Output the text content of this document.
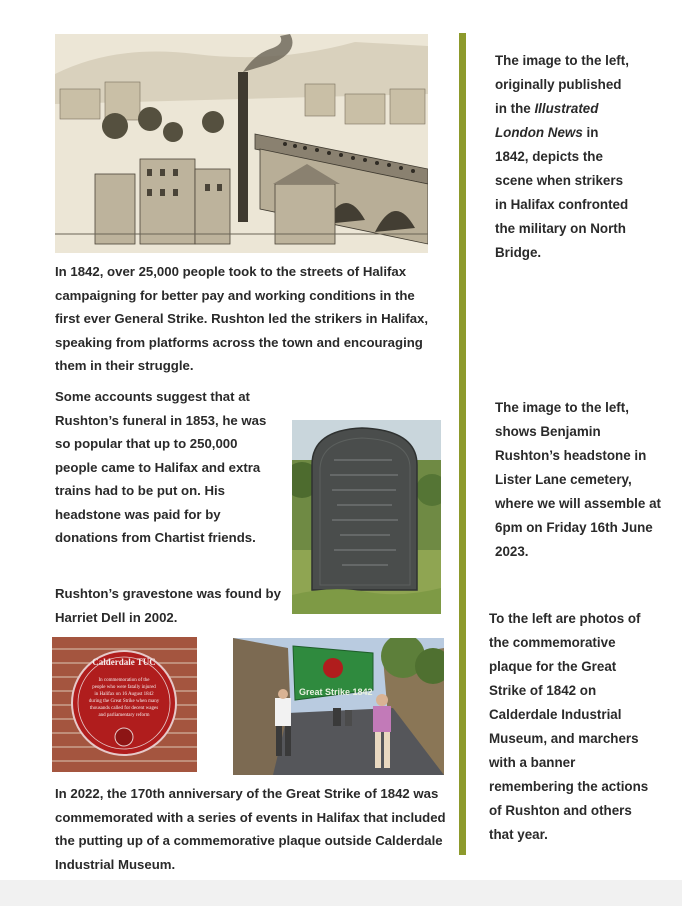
In 1842, over 25,000 people took to the streets of Halifax campaigning for better pay and working conditions in the first ever General Strike. Rushton led the strikers in Halifax, speaking from platforms across the town and encouraging them in their struggle.

Some accounts suggest that at Rushton’s funeral in 1853, he was so popular that up to 250,000 people came to Halifax and extra trains had to be put on. His headstone was paid for by donations from Chartist friends.

Rushton’s gravestone was found by Harriet Dell in 2002.

Calderdale TUC
In commemoration of the
people who were fatally injured
in Halifax on 16 August 1842
during the Great Strike when many
thousands called for decent wages
and parliamentary reform
Great Strike 1842

In 2022, the 170th anniversary of the Great Strike of 1842 was commemorated with a series of events in Halifax that included the putting up of a commemorative plaque outside Calderdale Industrial Museum.

The image to the left, originally published in the Illustrated London News in 1842, depicts the scene when strikers in Halifax confronted the military on North Bridge.

The image to the left, shows Benjamin Rushton’s headstone in Lister Lane cemetery, where we will assemble at 6pm on Friday 16th June 2023.

To the left are photos of the commemorative plaque for the Great Strike of 1842 on Calderdale Industrial Museum, and marchers with a banner remembering the actions of Rushton and others that year.
